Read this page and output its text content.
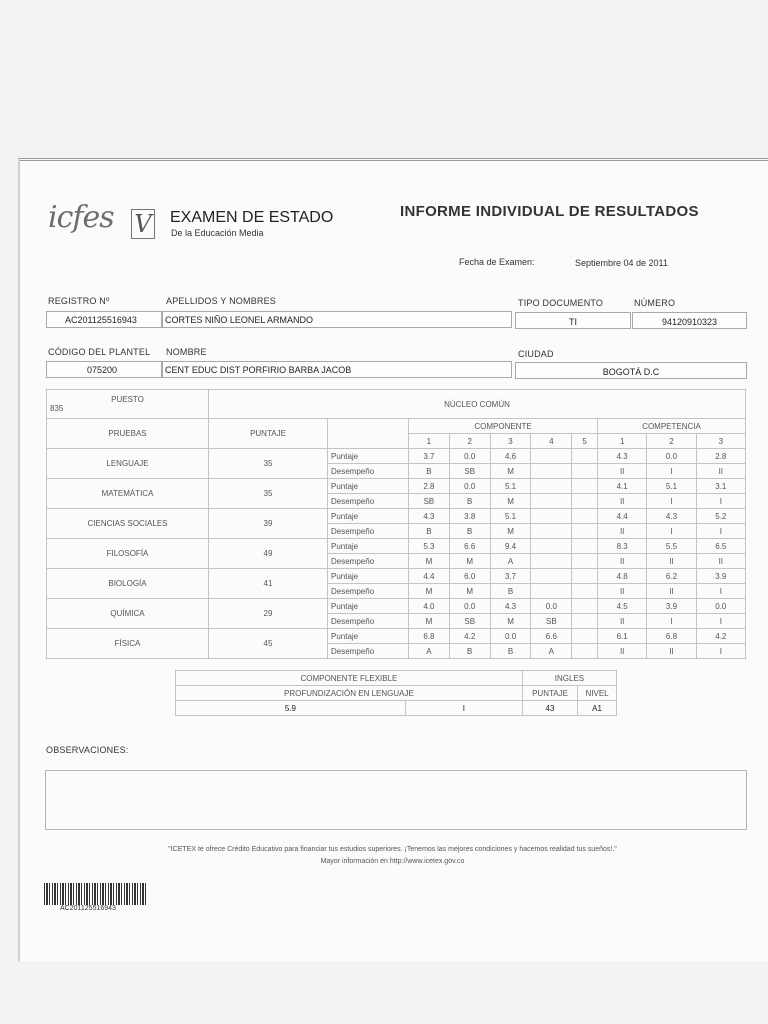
icfes V EXAMEN DE ESTADO
De la Educación Media
INFORME INDIVIDUAL DE RESULTADOS
Fecha de Examen:	Septiembre 04 de 2011
REGISTRO Nº	APELLIDOS Y NOMBRES	TIPO DOCUMENTO	NÚMERO
AC201125516943	CORTES NIÑO LEONEL ARMANDO	TI	94120910323
CÓDIGO DEL PLANTEL NOMBRE	CIUDAD
075200	CENT EDUC DIST PORFIRIO BARBA JACOB	BOGOTÁ D.C
PUESTO
835	NÚCLEO COMÚN									
PRUEBAS	PUNTAJE		COMPONENTE					COMPETENCIA		
			1	2	3	4	5	1	2	3
LENGUAJE	35	Puntaje	3.7	0.0	4.6			4.3	0.0	2.8
		Desempeño	B	SB	M			II	I	II
MATEMÁTICA	35	Puntaje	2.8	0.0	5.1			4.1	5.1	3.1
		Desempeño	SB	B	M			II	I	I
CIENCIAS SOCIALES	39	Puntaje	4.3	3.8	5.1			4.4	4.3	5.2
		Desempeño	B	B	M			II	I	I
FILOSOFÍA	49	Puntaje	5.3	6.6	9.4			8.3	5.5	6.5
		Desempeño	M	M	A			II	II	II
BIOLOGÍA	41	Puntaje	4.4	6.0	3.7			4.8	6.2	3.9
		Desempeño	M	M	B			II	II	I
QUÍMICA	29	Puntaje	4.0	0.0	4.3	0.0		4.5	3.9	0.0
		Desempeño	M	SB	M	SB		II	I	I
FÍSICA	45	Puntaje	6.8	4.2	0.0	6.6		6.1	6.8	4.2
		Desempeño	A	B	B	A		II	II	I
COMPONENTE FLEXIBLE		INGLES	
PROFUNDIZACIÓN EN LENGUAJE		PUNTAJE	NIVEL
5.9	I	43	A1
OBSERVACIONES:
"ICETEX te ofrece Crédito Educativo para financiar tus estudios superiores. ¡Tenemos las mejores condiciones y hacemos realidad tus sueños!."
Mayor información en http://www.icetex.gov.co
AC201125516943
